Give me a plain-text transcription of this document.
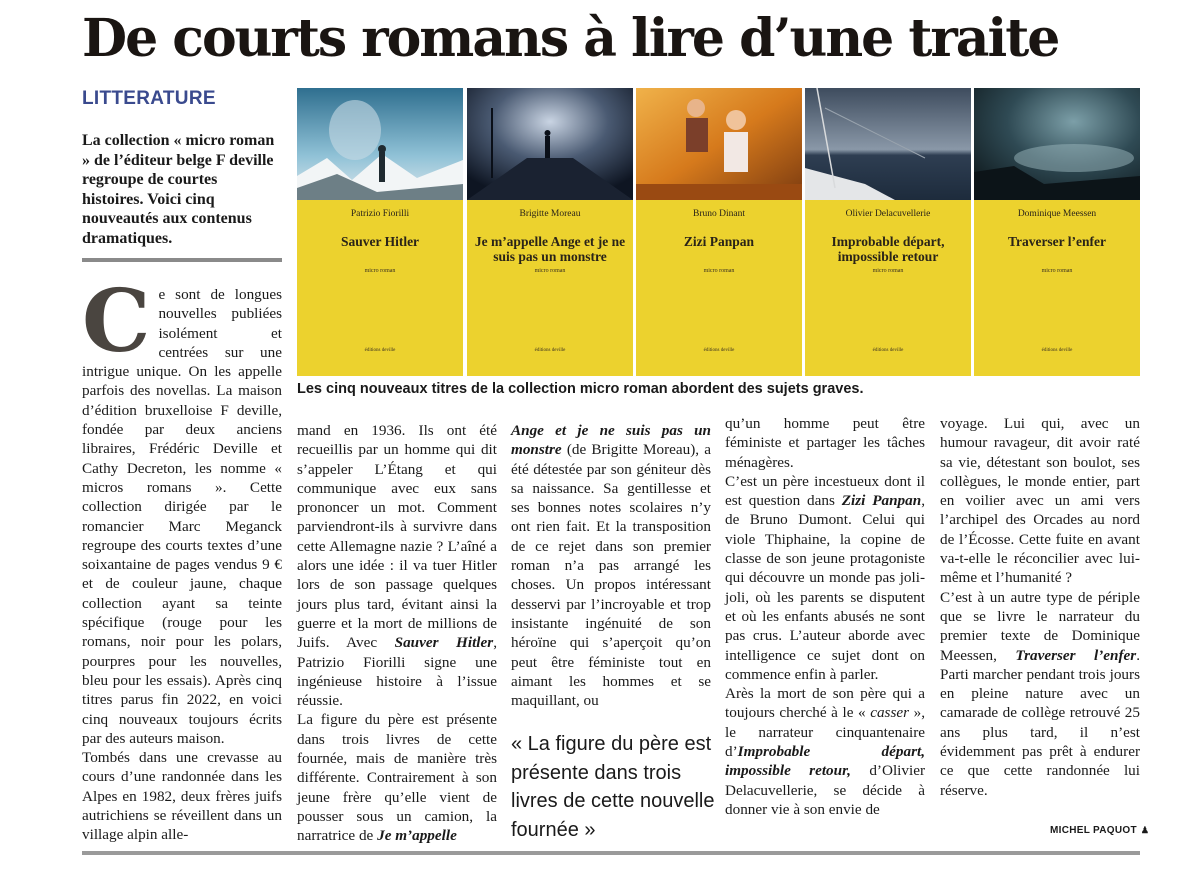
De courts romans à lire d’une traite
LITTERATURE
La collection « micro roman » de l’éditeur belge F deville regroupe de courtes histoires. Voici cinq nouveautés aux contenus dramatiques.
Patrizio Fiorilli
Sauver Hitler
micro roman
éditions deville
Brigitte Moreau
Je m’appelle Ange et je ne suis pas un monstre
micro roman
éditions deville
Bruno Dinant
Zizi Panpan
micro roman
éditions deville
Olivier Delacuvellerie
Improbable départ, impossible retour
micro roman
éditions deville
Dominique Meessen
Traverser l’enfer
micro roman
éditions deville
Les cinq nouveaux titres de la collection micro roman abordent des sujets graves.

Ce sont de longues nouvelles publiées isolément et centrées sur une intrigue unique. On les appelle parfois des novellas. La maison d’édition bruxelloise F deville, fondée par deux anciens libraires, Frédéric Deville et Cathy Decreton, les nomme « micros romans ». Cette collection dirigée par le romancier Marc Meganck regroupe des courts textes d’une soixantaine de pages vendus 9 € et de couleur jaune, chaque collection ayant sa teinte spécifique (rouge pour les romans, noir pour les polars, pourpres pour les nouvelles, bleu pour les essais). Après cinq titres parus fin 2022, en voici cinq nouveaux toujours écrits par des auteurs maison.

Tombés dans une crevasse au cours d’une randonnée dans les Alpes en 1982, deux frères juifs autrichiens se réveillent dans un village alpin alle-

mand en 1936. Ils ont été recueillis par un homme qui dit s’appeler L’Étang et qui communique avec eux sans prononcer un mot. Comment parviendront-ils à survivre dans cette Allemagne nazie ? L’aîné a alors une idée : il va tuer Hitler lors de son passage quelques jours plus tard, évitant ainsi la guerre et la mort de millions de Juifs. Avec Sauver Hitler, Patrizio Fiorilli signe une ingénieuse histoire à l’issue réussie.

La figure du père est présente dans trois livres de cette fournée, mais de manière très différente. Contrairement à son jeune frère qu’elle vient de pousser sous un camion, la narratrice de Je m’appelle

Ange et je ne suis pas un monstre (de Brigitte Moreau), a été détestée par son géniteur dès sa naissance. Sa gentillesse et ses bonnes notes scolaires n’y ont rien fait. Et la transposition de ce rejet dans son premier roman n’a pas arrangé les choses. Un propos intéressant desservi par l’incroyable et trop insistante ingénuité de son héroïne qui s’aperçoit qu’on peut être féministe tout en aimant les hommes et se maquillant, ou

« La figure du père est présente dans trois livres de cette nouvelle fournée »

qu’un homme peut être féministe et partager les tâches ménagères.

C’est un père incestueux dont il est question dans Zizi Panpan, de Bruno Dumont. Celui qui viole Thiphaine, la copine de classe de son jeune protagoniste qui découvre un monde pas joli-joli, où les parents se disputent et où les enfants abusés ne sont pas crus. L’auteur aborde avec intelligence ce sujet dont on commence enfin à parler.

Arès la mort de son père qui a toujours cherché à le « casser », le narrateur cinquantenaire d’Improbable départ, impossible retour, d’Olivier Delacuvellerie, se décide à donner vie à son envie de

voyage. Lui qui, avec un humour ravageur, dit avoir raté sa vie, détestant son boulot, ses collègues, le monde entier, part en voilier avec un ami vers l’archipel des Orcades au nord de l’Écosse. Cette fuite en avant va-t-elle le réconcilier avec lui-même et l’humanité ?

C’est à un autre type de périple que se livre le narrateur du premier texte de Dominique Meessen, Traverser l’enfer. Parti marcher pendant trois jours en pleine nature avec un camarade de collège retrouvé 25 ans plus tard, il n’est évidemment pas prêt à endurer ce que cette randonnée lui réserve.

MICHEL PAQUOT ♟
